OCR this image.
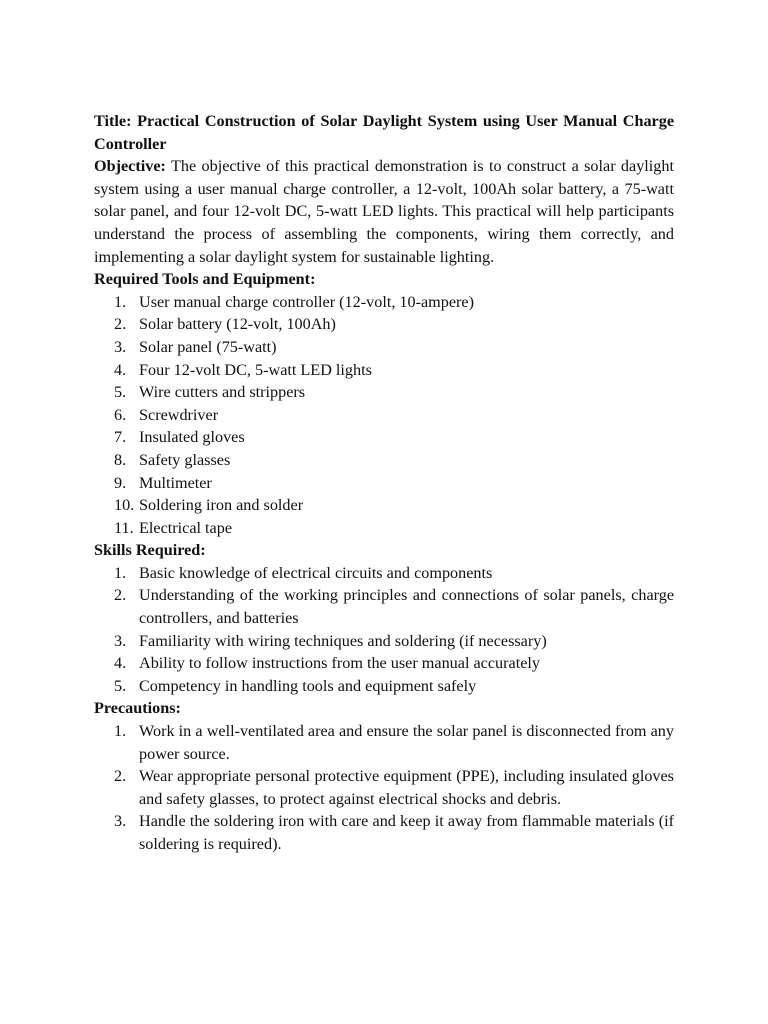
Title: Practical Construction of Solar Daylight System using User Manual Charge Controller

Objective: The objective of this practical demonstration is to construct a solar daylight system using a user manual charge controller, a 12-volt, 100Ah solar battery, a 75-watt solar panel, and four 12-volt DC, 5-watt LED lights. This practical will help participants understand the process of assembling the components, wiring them correctly, and implementing a solar daylight system for sustainable lighting.

Required Tools and Equipment:

1. User manual charge controller (12-volt, 10-ampere)
2. Solar battery (12-volt, 100Ah)
3. Solar panel (75-watt)
4. Four 12-volt DC, 5-watt LED lights
5. Wire cutters and strippers
6. Screwdriver
7. Insulated gloves
8. Safety glasses
9. Multimeter
10. Soldering iron and solder
11. Electrical tape

Skills Required:

1. Basic knowledge of electrical circuits and components
2. Understanding of the working principles and connections of solar panels, charge controllers, and batteries
3. Familiarity with wiring techniques and soldering (if necessary)
4. Ability to follow instructions from the user manual accurately
5. Competency in handling tools and equipment safely

Precautions:

1. Work in a well-ventilated area and ensure the solar panel is disconnected from any power source.
2. Wear appropriate personal protective equipment (PPE), including insulated gloves and safety glasses, to protect against electrical shocks and debris.
3. Handle the soldering iron with care and keep it away from flammable materials (if soldering is required).
